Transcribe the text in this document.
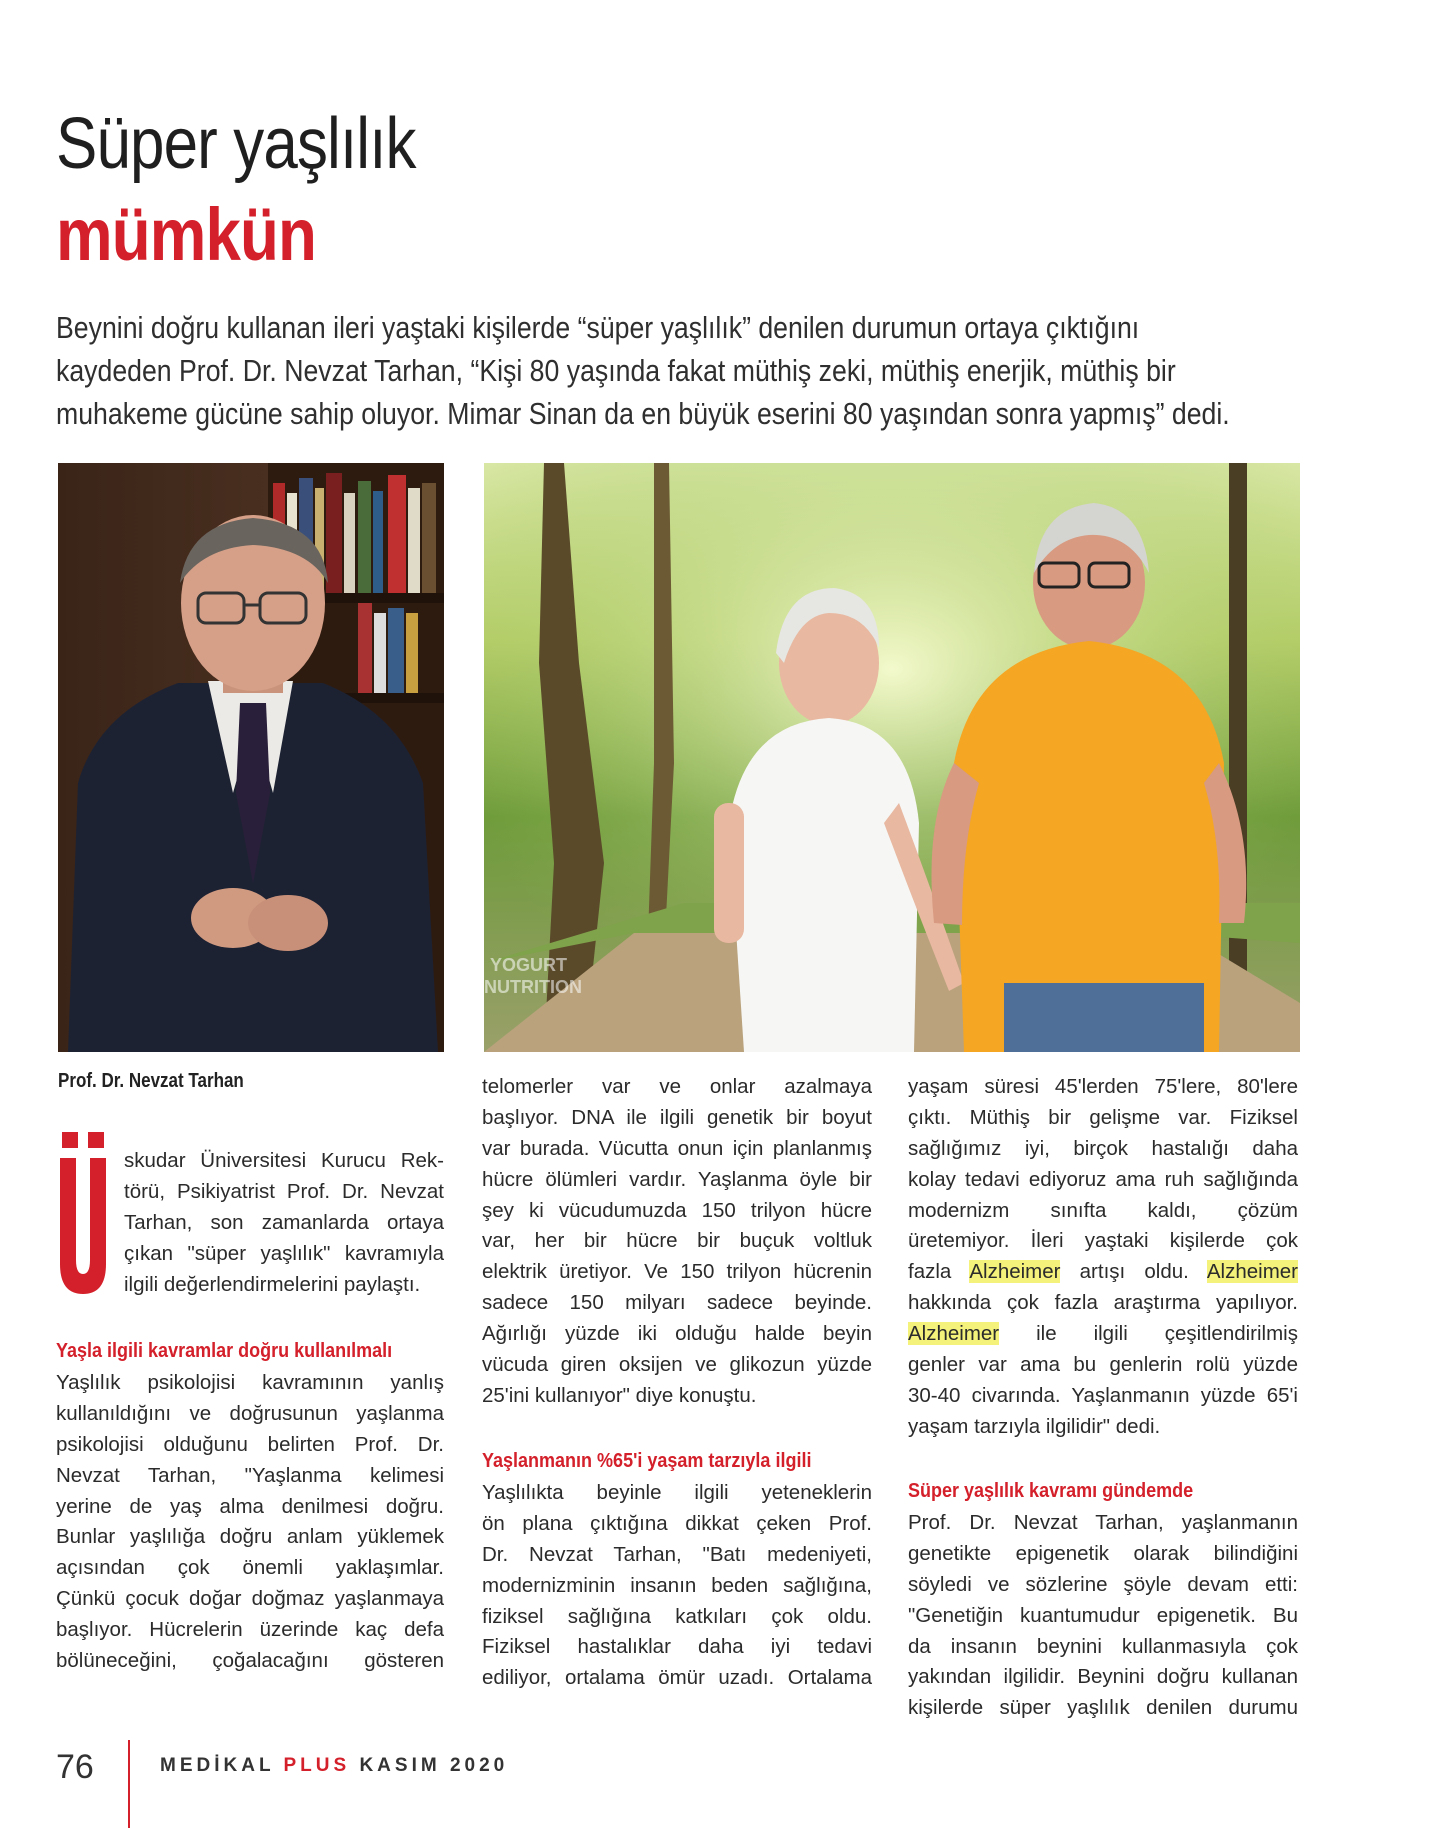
Süper yaşlılık
mümkün

Beynini doğru kullanan ileri yaştaki kişilerde “süper yaşlılık” denilen durumun ortaya çıktığını

kaydeden Prof. Dr. Nevzat Tarhan, “Kişi 80 yaşında fakat müthiş zeki, müthiş enerjik, müthiş bir

muhakeme gücüne sahip oluyor. Mimar Sinan da en büyük eserini 80 yaşından sonra yapmış” dedi.

YOGURT
NUTRITION
Prof. Dr. Nevzat Tarhan
skudar Üniversitesi Kurucu Rek-
törü, Psikiyatrist Prof. Dr. Nevzat
Tarhan, son zamanlarda ortaya
çıkan "süper yaşlılık" kavramıyla
ilgili değerlendirmelerini paylaştı.
Yaşla ilgili kavramlar doğru kullanılmalı
Yaşlılık psikolojisi kavramının yanlış
kullanıldığını ve doğrusunun yaşlanma
psikolojisi olduğunu belirten Prof. Dr.
Nevzat Tarhan, "Yaşlanma kelimesi
yerine de yaş alma denilmesi doğru.
Bunlar yaşlılığa doğru anlam yüklemek
açısından çok önemli yaklaşımlar.
Çünkü çocuk doğar doğmaz yaşlanmaya
başlıyor. Hücrelerin üzerinde kaç defa
bölüneceğini, çoğalacağını gösteren
telomerler var ve onlar azalmaya
başlıyor. DNA ile ilgili genetik bir boyut
var burada. Vücutta onun için planlanmış
hücre ölümleri vardır. Yaşlanma öyle bir
şey ki vücudumuzda 150 trilyon hücre
var, her bir hücre bir buçuk voltluk
elektrik üretiyor. Ve 150 trilyon hücrenin
sadece 150 milyarı sadece beyinde.
Ağırlığı yüzde iki olduğu halde beyin
vücuda giren oksijen ve glikozun yüzde
25'ini kullanıyor" diye konuştu.
Yaşlanmanın %65'i yaşam tarzıyla ilgili
Yaşlılıkta beyinle ilgili yeteneklerin
ön plana çıktığına dikkat çeken Prof.
Dr. Nevzat Tarhan, "Batı medeniyeti,
modernizminin insanın beden sağlığına,
fiziksel sağlığına katkıları çok oldu.
Fiziksel hastalıklar daha iyi tedavi
ediliyor, ortalama ömür uzadı. Ortalama
yaşam süresi 45'lerden 75'lere, 80'lere
çıktı. Müthiş bir gelişme var. Fiziksel
sağlığımız iyi, birçok hastalığı daha
kolay tedavi ediyoruz ama ruh sağlığında
modernizm sınıfta kaldı, çözüm
üretemiyor. İleri yaştaki kişilerde çok
fazla Alzheimer artışı oldu. Alzheimer
hakkında çok fazla araştırma yapılıyor.
Alzheimer ile ilgili çeşitlendirilmiş
genler var ama bu genlerin rolü yüzde
30-40 civarında. Yaşlanmanın yüzde 65'i
yaşam tarzıyla ilgilidir" dedi.
Süper yaşlılık kavramı gündemde
Prof. Dr. Nevzat Tarhan, yaşlanmanın
genetikte epigenetik olarak bilindiğini
söyledi ve sözlerine şöyle devam etti:
"Genetiğin kuantumudur epigenetik. Bu
da insanın beynini kullanmasıyla çok
yakından ilgilidir. Beynini doğru kullanan
kişilerde süper yaşlılık denilen durumu
76	MEDİKAL PLUS KASIM 2020
